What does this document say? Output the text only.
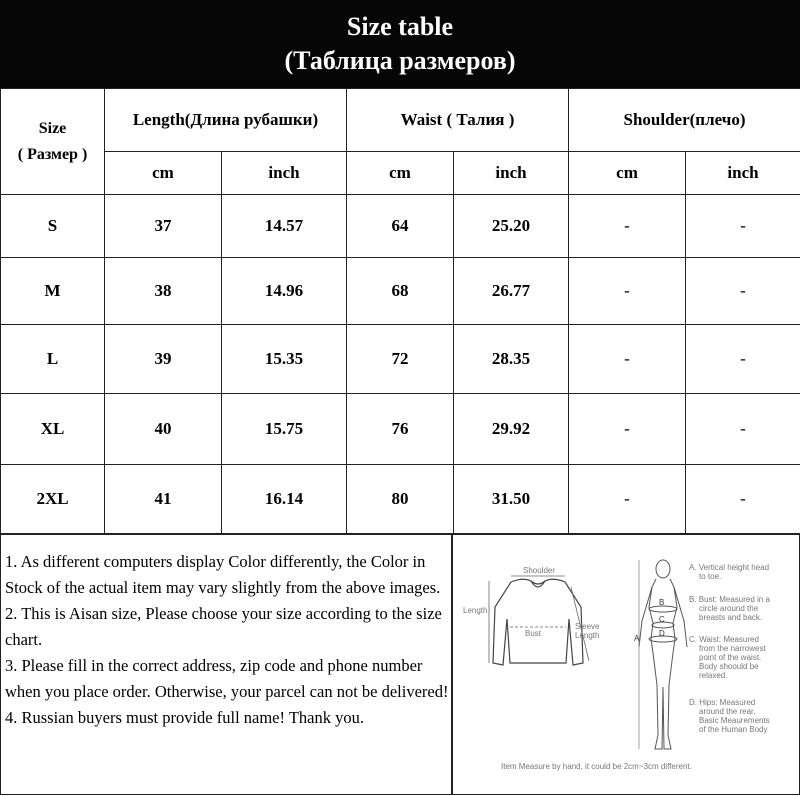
Size table
(Таблица размеров)
Size
( Размер )	Length(Длина рубашки)		Waist ( Талия )		Shoulder(плечо)	
	cm	inch	cm	inch	cm	inch
S	37	14.57	64	25.20	-	-
M	38	14.96	68	26.77	-	-
L	39	15.35	72	28.35	-	-
XL	40	15.75	76	29.92	-	-
2XL	41	16.14	80	31.50	-	-

1. As different computers display Color differently, the Color in Stock of the actual item may vary slightly from the above images.

2. This is Aisan size, Please choose your size according to the size chart.

3. Please fill in the correct address, zip code and phone number when you place order. Otherwise, your parcel can not be delivered!

4. Russian buyers must provide full name! Thank you.

Shoulder
Length
Bust
Sleeve
Length	A
B
C
D
A. Vertical height head
to toe.
B. Bust: Measured in a
circle around the
breasts and back.
C. Waist: Measured
from the narrowest
point of the waist.
Body shoould be
relaxed.
D. Hips: Measured
around the rear.
Basic Meaurements
of the Human Body
Item Measure by hand, it could be 2cm~3cm different.
